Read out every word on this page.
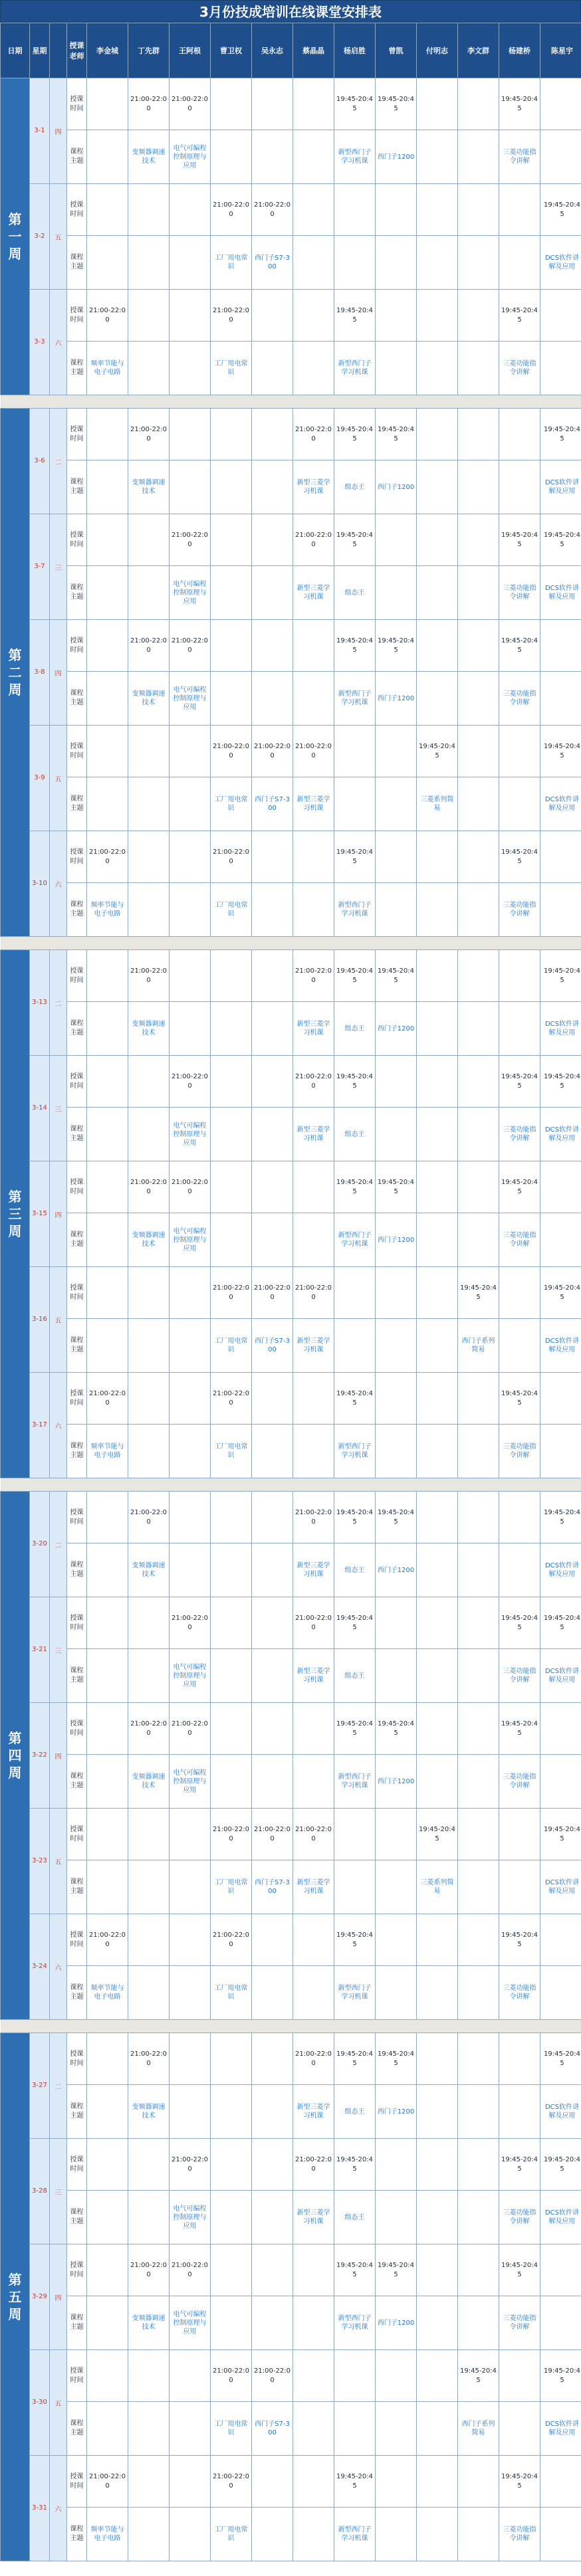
3月份技成培训在线课堂安排表
日期	星期		授课老师	李金城	丁先群	王阿根	曹卫权	吴永志	蔡晶晶	杨启胜	曾凯	付明志	李文群	杨建桥	陈星宇

第
一
周	3-1	四	授课时间		21:00-22:00	21:00-22:00				19:45-20:45	19:45-20:45			19:45-20:45	
			课程主题		变频器调速技术	电气可编程控制原理与应用				新型西门子学习机课	西门子1200			三菱功能指令讲解	
	3-2	五	授课时间				21:00-22:00	21:00-22:00							19:45-20:45
			课程主题				工厂用电常识	西门子S7-300							DCS软件讲解及应用
	3-3	六	授课时间	21:00-22:00			21:00-22:00			19:45-20:45				19:45-20:45	
			课程主题	频率节能与电子电路			工厂用电常识			新型西门子学习机课				三菱功能指令讲解	

第
二
周	3-6	二	授课时间		21:00-22:00				21:00-22:00	19:45-20:45	19:45-20:45				19:45-20:45
			课程主题		变频器调速技术				新型三菱学习机课	组态王	西门子1200				DCS软件讲解及应用
	3-7	三	授课时间			21:00-22:00			21:00-22:00	19:45-20:45				19:45-20:45	19:45-20:45
			课程主题			电气可编程控制原理与应用			新型三菱学习机课	组态王				三菱功能指令讲解	DCS软件讲解及应用
	3-8	四	授课时间		21:00-22:00	21:00-22:00				19:45-20:45	19:45-20:45			19:45-20:45	
			课程主题		变频器调速技术	电气可编程控制原理与应用				新型西门子学习机课	西门子1200			三菱功能指令讲解	
	3-9	五	授课时间				21:00-22:00	21:00-22:00	21:00-22:00			19:45-20:45			19:45-20:45
			课程主题				工厂用电常识	西门子S7-300	新型三菱学习机课			三菱系列简易			DCS软件讲解及应用
	3-10	六	授课时间	21:00-22:00			21:00-22:00			19:45-20:45				19:45-20:45	
			课程主题	频率节能与电子电路			工厂用电常识			新型西门子学习机课				三菱功能指令讲解	

第
三
周	3-13	二	授课时间		21:00-22:00				21:00-22:00	19:45-20:45	19:45-20:45				19:45-20:45
			课程主题		变频器调速技术				新型三菱学习机课	组态王	西门子1200				DCS软件讲解及应用
	3-14	三	授课时间			21:00-22:00			21:00-22:00	19:45-20:45				19:45-20:45	19:45-20:45
			课程主题			电气可编程控制原理与应用			新型三菱学习机课	组态王				三菱功能指令讲解	DCS软件讲解及应用
	3-15	四	授课时间		21:00-22:00	21:00-22:00				19:45-20:45	19:45-20:45			19:45-20:45	
			课程主题		变频器调速技术	电气可编程控制原理与应用				新型西门子学习机课	西门子1200			三菱功能指令讲解	
	3-16	五	授课时间				21:00-22:00	21:00-22:00	21:00-22:00				19:45-20:45		19:45-20:45
			课程主题				工厂用电常识	西门子S7-300	新型三菱学习机课				西门子系列简易		DCS软件讲解及应用
	3-17	六	授课时间	21:00-22:00			21:00-22:00			19:45-20:45				19:45-20:45	
			课程主题	频率节能与电子电路			工厂用电常识			新型西门子学习机课				三菱功能指令讲解	

第
四
周	3-20	二	授课时间		21:00-22:00				21:00-22:00	19:45-20:45	19:45-20:45				19:45-20:45
			课程主题		变频器调速技术				新型三菱学习机课	组态王	西门子1200				DCS软件讲解及应用
	3-21	三	授课时间			21:00-22:00			21:00-22:00	19:45-20:45				19:45-20:45	19:45-20:45
			课程主题			电气可编程控制原理与应用			新型三菱学习机课	组态王				三菱功能指令讲解	DCS软件讲解及应用
	3-22	四	授课时间		21:00-22:00	21:00-22:00				19:45-20:45	19:45-20:45			19:45-20:45	
			课程主题		变频器调速技术	电气可编程控制原理与应用				新型西门子学习机课	西门子1200			三菱功能指令讲解	
	3-23	五	授课时间				21:00-22:00	21:00-22:00	21:00-22:00			19:45-20:45			19:45-20:45
			课程主题				工厂用电常识	西门子S7-300	新型三菱学习机课			三菱系列简易			DCS软件讲解及应用
	3-24	六	授课时间	21:00-22:00			21:00-22:00			19:45-20:45				19:45-20:45	
			课程主题	频率节能与电子电路			工厂用电常识			新型西门子学习机课				三菱功能指令讲解	

第
五
周	3-27	二	授课时间		21:00-22:00				21:00-22:00	19:45-20:45	19:45-20:45				19:45-20:45
			课程主题		变频器调速技术				新型三菱学习机课	组态王	西门子1200				DCS软件讲解及应用
	3-28	三	授课时间			21:00-22:00			21:00-22:00	19:45-20:45				19:45-20:45	19:45-20:45
			课程主题			电气可编程控制原理与应用			新型三菱学习机课	组态王				三菱功能指令讲解	DCS软件讲解及应用
	3-29	四	授课时间		21:00-22:00	21:00-22:00				19:45-20:45	19:45-20:45			19:45-20:45	
			课程主题		变频器调速技术	电气可编程控制原理与应用				新型西门子学习机课	西门子1200			三菱功能指令讲解	
	3-30	五	授课时间				21:00-22:00	21:00-22:00					19:45-20:45		19:45-20:45
			课程主题				工厂用电常识	西门子S7-300					西门子系列简易		DCS软件讲解及应用
	3-31	六	授课时间	21:00-22:00			21:00-22:00			19:45-20:45				19:45-20:45	
			课程主题	频率节能与电子电路			工厂用电常识			新型西门子学习机课				三菱功能指令讲解	
